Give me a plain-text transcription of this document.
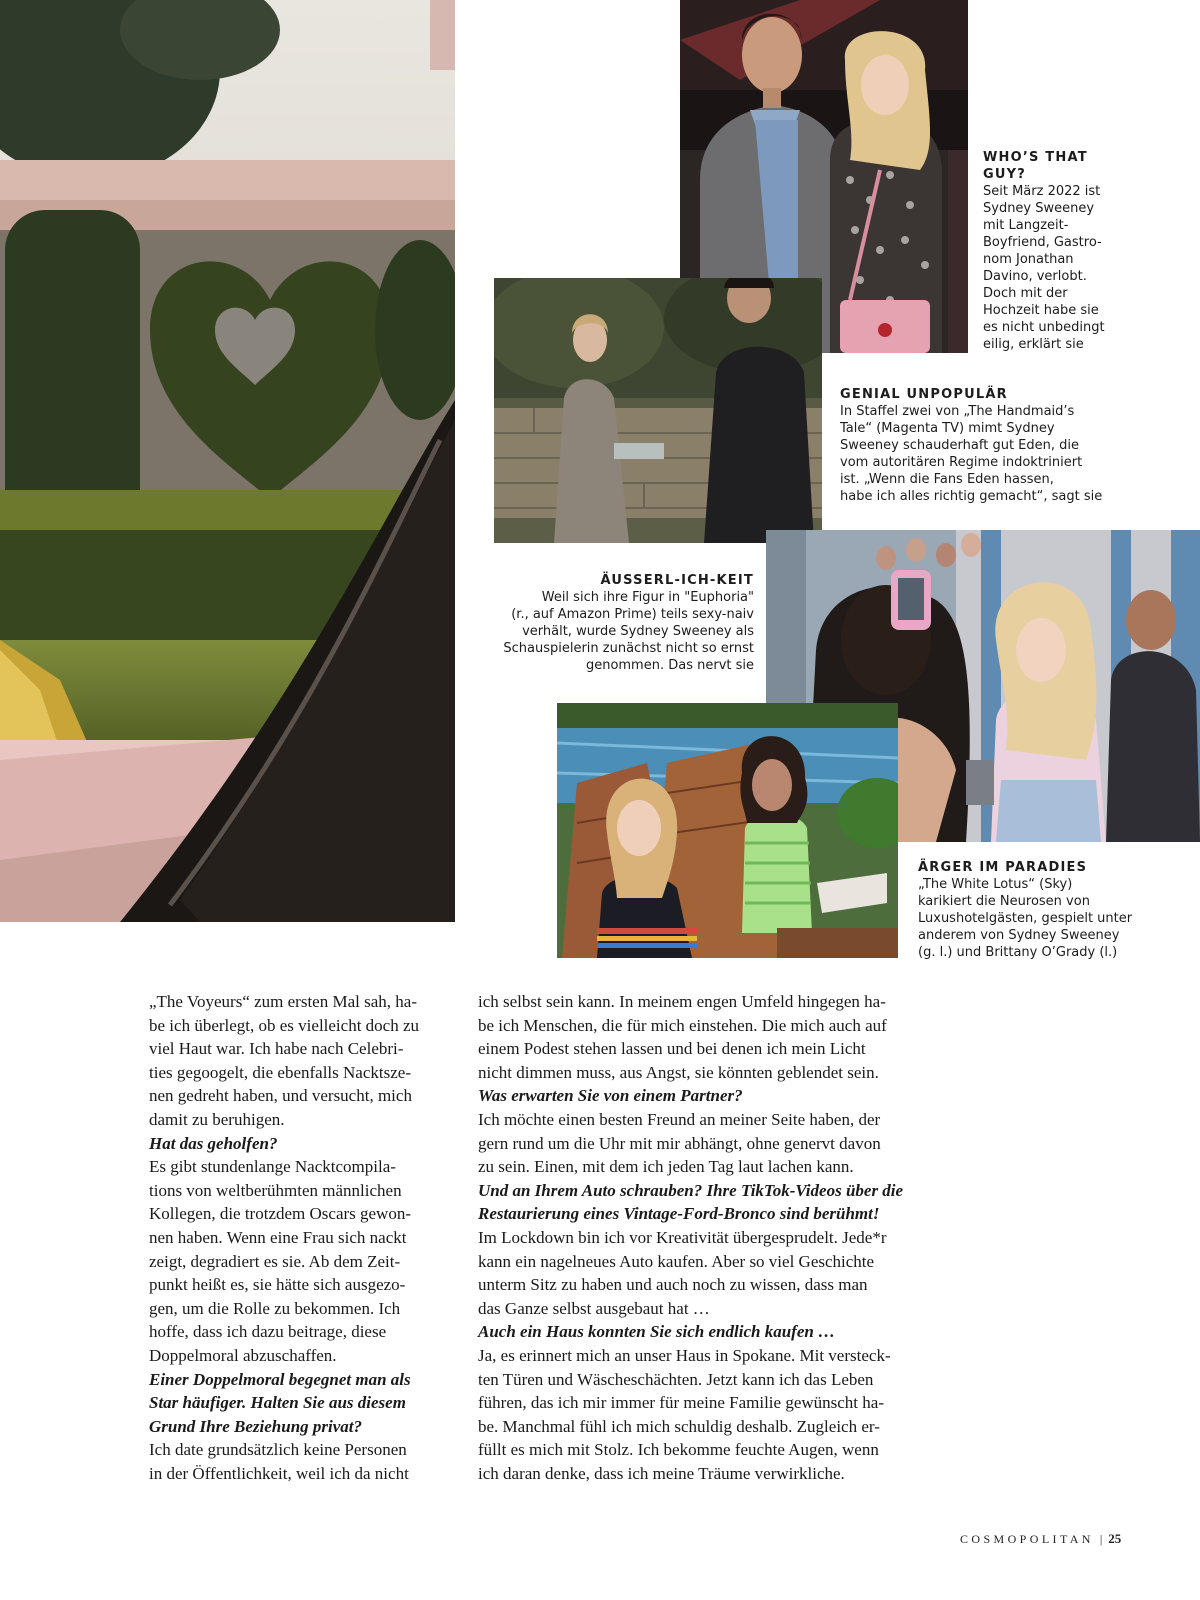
WHO’S THAT
GUY?
Seit März 2022 ist
Sydney Sweeney
mit Langzeit-
Boyfriend, Gastro-
nom Jonathan
Davino, verlobt.
Doch mit der
Hochzeit habe sie
es nicht unbedingt
eilig, erklärt sie
GENIAL UNPOPULÄR
In Staffel zwei von „The Handmaid’s
Tale“ (Magenta TV) mimt Sydney
Sweeney schauderhaft gut Eden, die
vom autoritären Regime indoktriniert
ist. „Wenn die Fans Eden hassen,
habe ich alles richtig gemacht“, sagt sie
ÄUSSERL-ICH-KEIT
Weil sich ihre Figur in "Euphoria"
(r., auf Amazon Prime) teils sexy-naiv
verhält, wurde Sydney Sweeney als
Schauspielerin zunächst nicht so ernst
genommen. Das nervt sie
ÄRGER IM PARADIES
„The White Lotus“ (Sky)
karikiert die Neurosen von
Luxushotelgästen, gespielt unter
anderem von Sydney Sweeney
(g. l.) und Brittany O’Grady (l.)
„The Voyeurs“ zum ersten Mal sah, ha-
be ich überlegt, ob es vielleicht doch zu
viel Haut war. Ich habe nach Celebri-
ties gegoogelt, die ebenfalls Nacktsze-
nen gedreht haben, und versucht, mich
damit zu beruhigen.
Hat das geholfen?
Es gibt stundenlange Nacktcompila-
tions von weltberühmten männlichen
Kollegen, die trotzdem Oscars gewon-
nen haben. Wenn eine Frau sich nackt
zeigt, degradiert es sie. Ab dem Zeit-
punkt heißt es, sie hätte sich ausgezo-
gen, um die Rolle zu bekommen. Ich
hoffe, dass ich dazu beitrage, diese
Doppelmoral abzuschaffen.
Einer Doppelmoral begegnet man als
Star häufiger. Halten Sie aus diesem
Grund Ihre Beziehung privat?
Ich date grundsätzlich keine Personen
in der Öffentlichkeit, weil ich da nicht
ich selbst sein kann. In meinem engen Umfeld hingegen ha-
be ich Menschen, die für mich einstehen. Die mich auch auf
einem Podest stehen lassen und bei denen ich mein Licht
nicht dimmen muss, aus Angst, sie könnten geblendet sein.
Was erwarten Sie von einem Partner?
Ich möchte einen besten Freund an meiner Seite haben, der
gern rund um die Uhr mit mir abhängt, ohne genervt davon
zu sein. Einen, mit dem ich jeden Tag laut lachen kann.
Und an Ihrem Auto schrauben? Ihre TikTok-Videos über die
Restaurierung eines Vintage-Ford-Bronco sind berühmt!
Im Lockdown bin ich vor Kreativität übergesprudelt. Jede*r
kann ein nagelneues Auto kaufen. Aber so viel Geschichte
unterm Sitz zu haben und auch noch zu wissen, dass man
das Ganze selbst ausgebaut hat …
Auch ein Haus konnten Sie sich endlich kaufen …
Ja, es erinnert mich an unser Haus in Spokane. Mit versteck-
ten Türen und Wäscheschächten. Jetzt kann ich das Leben
führen, das ich mir immer für meine Familie gewünscht ha-
be. Manchmal fühl ich mich schuldig deshalb. Zugleich er-
füllt es mich mit Stolz. Ich bekomme feuchte Augen, wenn
ich daran denke, dass ich meine Träume verwirkliche.
COSMOPOLITAN | 25
